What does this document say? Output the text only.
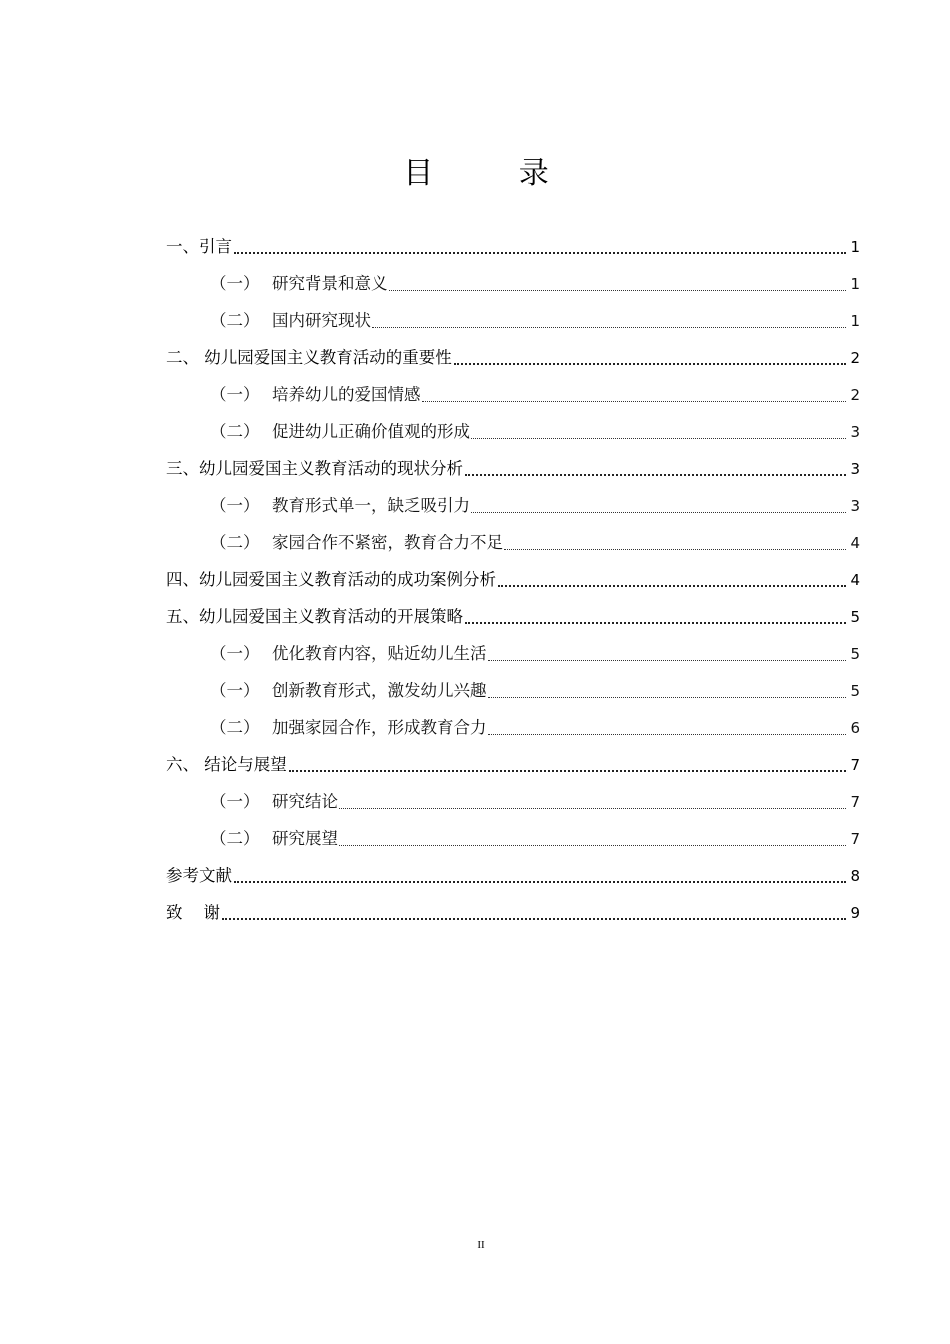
目 录
一、 引言	1
（一） 研究背景和意义	1
（二） 国内研究现状	1
二、 幼儿园爱国主义教育活动的重要性	2
（一） 培养幼儿的爱国情感	2
（二） 促进幼儿正确价值观的形成	3
三、 幼儿园爱国主义教育活动的现状分析	3
（一） 教育形式单一，缺乏吸引力	3
（二） 家园合作不紧密，教育合力不足	4
四、 幼儿园爱国主义教育活动的成功案例分析	4
五、 幼儿园爱国主义教育活动的开展策略	5
（一） 优化教育内容，贴近幼儿生活	5
（一） 创新教育形式，激发幼儿兴趣	5
（二） 加强家园合作，形成教育合力	6
六、 结论与展望	7
（一） 研究结论	7
（二） 研究展望	7
参考文献	8
致    谢	9
II
